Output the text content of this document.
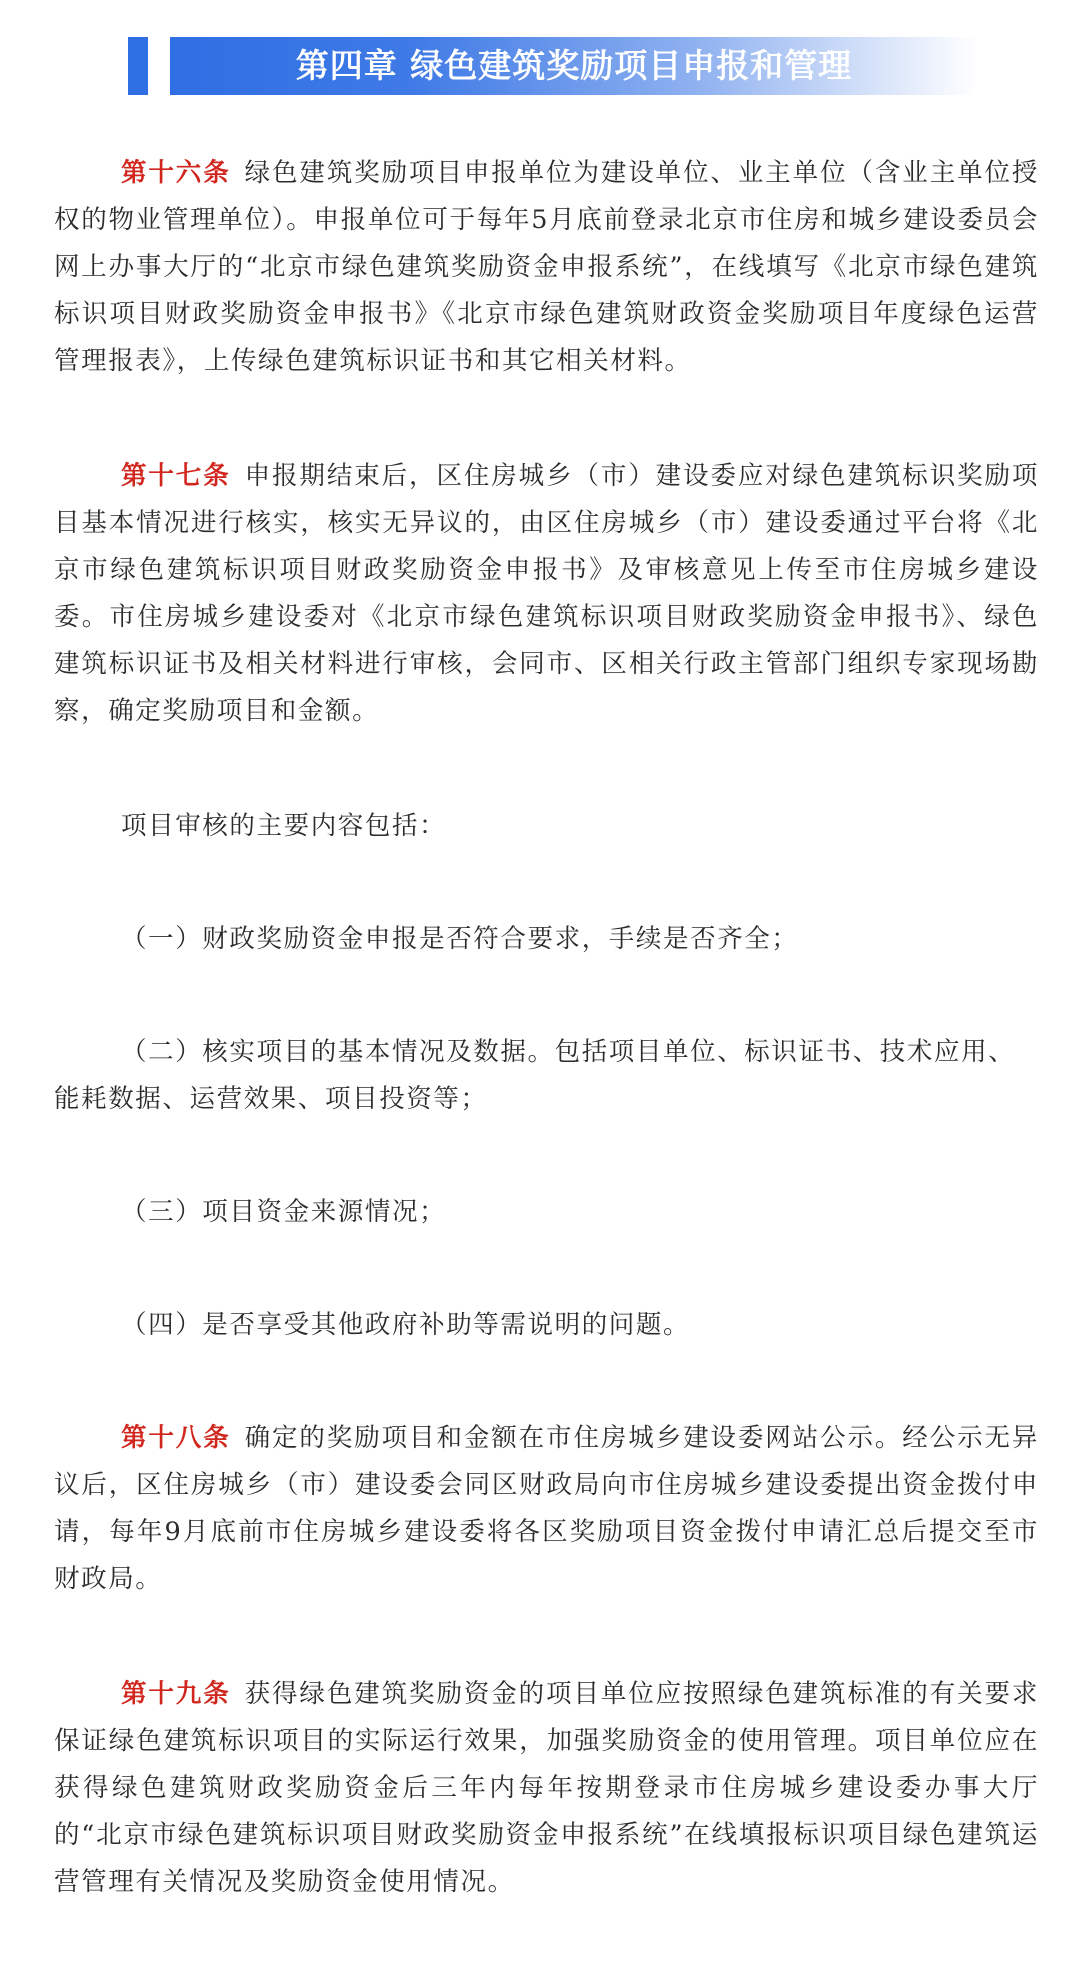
第四章 绿色建筑奖励项目申报和管理

第十六条 绿色建筑奖励项目申报单位为建设单位、业主单位（含业主单位授权的物业管理单位）。申报单位可于每年5月底前登录北京市住房和城乡建设委员会网上办事大厅的“北京市绿色建筑奖励资金申报系统”，在线填写《北京市绿色建筑标识项目财政奖励资金申报书》《北京市绿色建筑财政资金奖励项目年度绿色运营管理报表》，上传绿色建筑标识证书和其它相关材料。

第十七条 申报期结束后，区住房城乡（市）建设委应对绿色建筑标识奖励项目基本情况进行核实，核实无异议的，由区住房城乡（市）建设委通过平台将《北京市绿色建筑标识项目财政奖励资金申报书》及审核意见上传至市住房城乡建设委。市住房城乡建设委对《北京市绿色建筑标识项目财政奖励资金申报书》、绿色建筑标识证书及相关材料进行审核，会同市、区相关行政主管部门组织专家现场勘察，确定奖励项目和金额。

项目审核的主要内容包括：

（一）财政奖励资金申报是否符合要求，手续是否齐全；

（二）核实项目的基本情况及数据。包括项目单位、标识证书、技术应用、能耗数据、运营效果、项目投资等；

（三）项目资金来源情况；

（四）是否享受其他政府补助等需说明的问题。

第十八条 确定的奖励项目和金额在市住房城乡建设委网站公示。经公示无异议后，区住房城乡（市）建设委会同区财政局向市住房城乡建设委提出资金拨付申请，每年9月底前市住房城乡建设委将各区奖励项目资金拨付申请汇总后提交至市财政局。

第十九条 获得绿色建筑奖励资金的项目单位应按照绿色建筑标准的有关要求保证绿色建筑标识项目的实际运行效果，加强奖励资金的使用管理。项目单位应在获得绿色建筑财政奖励资金后三年内每年按期登录市住房城乡建设委办事大厅的“北京市绿色建筑标识项目财政奖励资金申报系统”在线填报标识项目绿色建筑运营管理有关情况及奖励资金使用情况。
